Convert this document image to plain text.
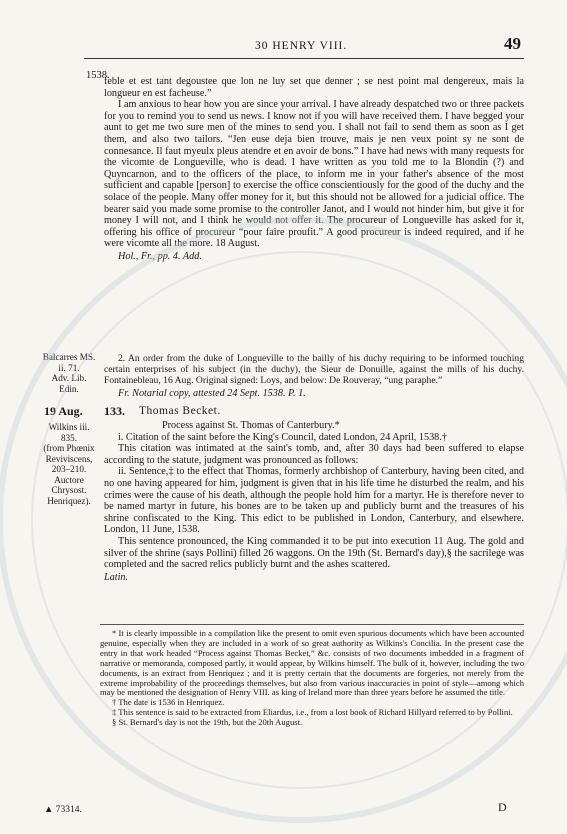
30 HENRY VIII.	49
1538.

feble et est tant degoustee que lon ne luy set que denner ; se nest point mal dengereux, mais la longueur en est facheuse.”

I am anxious to hear how you are since your arrival. I have already despatched two or three packets for you to remind you to send us news. I know not if you will have received them. I have begged your aunt to get me two sure men of the mines to send you. I shall not fail to send them as soon as I get them, and also two tailors. “Jen euse deja bien trouve, mais je nen veux point sy ne sont de connesance. Il faut myeulx pleus atendre et en avoir de bons.” I have had news with many requests for the vicomte de Longueville, who is dead. I have written as you told me to la Blondin (?) and Quyncarnon, and to the officers of the place, to inform me in your father's absence of the most sufficient and capable [person] to exercise the office conscientiously for the good of the duchy and the solace of the people. Many offer money for it, but this should not be allowed for a judicial office. The bearer said you made some promise to the controller Janot, and I would not hinder him, but give it for money I will not, and I think he would not offer it. The procureur of Longueville has asked for it, offering his office of procureur “pour faire proufit.” A good procureur is indeed required, and if he were vicomte all the more. 18 August.

Hol., Fr., pp. 4. Add.

Balcarres MS.
ii. 71.
Adv. Lib.
Edin.

2. An order from the duke of Longueville to the bailly of his duchy requiring to be informed touching certain enterprises of his subject (in the duchy), the Sieur de Donuille, against the mills of his duchy. Fontainebleau, 16 Aug. Original signed: Loys, and below: De Rouveray, “ung paraphe.”

Fr. Notarial copy, attested 24 Sept. 1538. P. 1.

19 Aug. 133. Thomas Becket.
Wilkins iii.
835.
(from Phœnix
Reviviscens,
203–210.
Auctore
Chrysost.
Henriquez).

Process against St. Thomas of Canterbury.*

i. Citation of the saint before the King's Council, dated London, 24 April, 1538.†

This citation was intimated at the saint's tomb, and, after 30 days had been suffered to elapse according to the statute, judgment was pronounced as follows:

ii. Sentence,‡ to the effect that Thomas, formerly archbishop of Canterbury, having been cited, and no one having appeared for him, judgment is given that in his life time he disturbed the realm, and his crimes were the cause of his death, although the people hold him for a martyr. He is therefore never to be named martyr in future, his bones are to be taken up and publicly burnt and the treasures of his shrine confiscated to the King. This edict to be published in London, Canterbury, and elsewhere. London, 11 June, 1538.

This sentence pronounced, the King commanded it to be put into execution 11 Aug. The gold and silver of the shrine (says Pollini) filled 26 waggons. On the 19th (St. Bernard's day),§ the sacrilege was completed and the sacred relics publicly burnt and the ashes scattered.

Latin.

* It is clearly impossible in a compilation like the present to omit even spurious documents which have been accounted genuine, especially when they are included in a work of so great authority as Wilkins's Concilia. In the present case the entry in that work headed “Process against Thomas Becket,” &c. consists of two documents imbedded in a fragment of narrative or memoranda, composed partly, it would appear, by Wilkins himself. The bulk of it, however, including the two documents, is an extract from Henriquez ; and it is pretty certain that the documents are forgeries, not merely from the extreme improbability of the proceedings themselves, but also from various inaccuracies in point of style—among which may be mentioned the designation of Henry VIII. as king of Ireland more than three years before he assumed the title.

† The date is 1536 in Henriquez.

‡ This sentence is said to be extracted from Eliardus, i.e., from a lost book of Richard Hillyard referred to by Pollini.

§ St. Bernard's day is not the 19th, but the 20th August.

▲ 73314.	D
